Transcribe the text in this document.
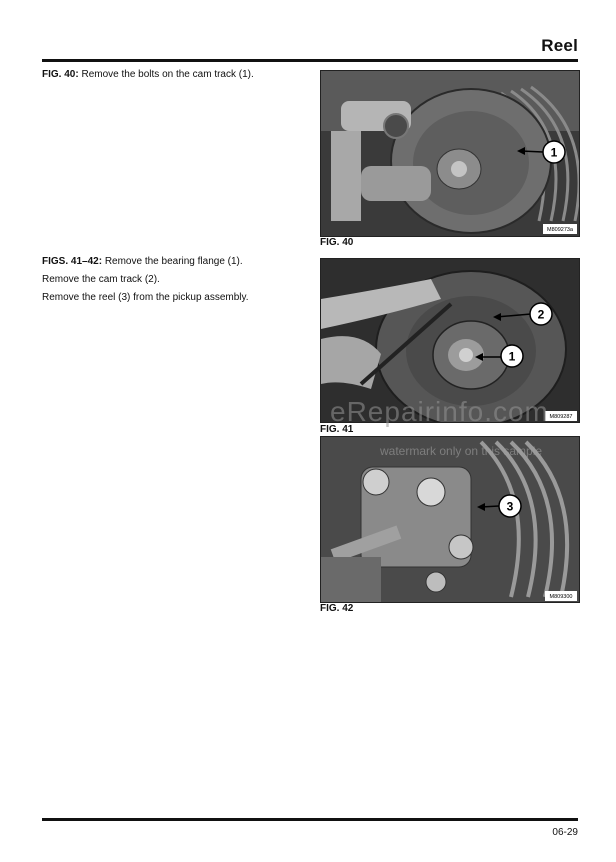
Reel

FIG. 40: Remove the bolts on the cam track (1).

FIGS. 41–42: Remove the bearing flange (1).

Remove the cam track (2).

Remove the reel (3) from the pickup assembly.

1
M809273a
FIG. 40
2
1
M809287
FIG. 41
3
M809300
FIG. 42
eRepairinfo.com
watermark only on this sample
06-29
